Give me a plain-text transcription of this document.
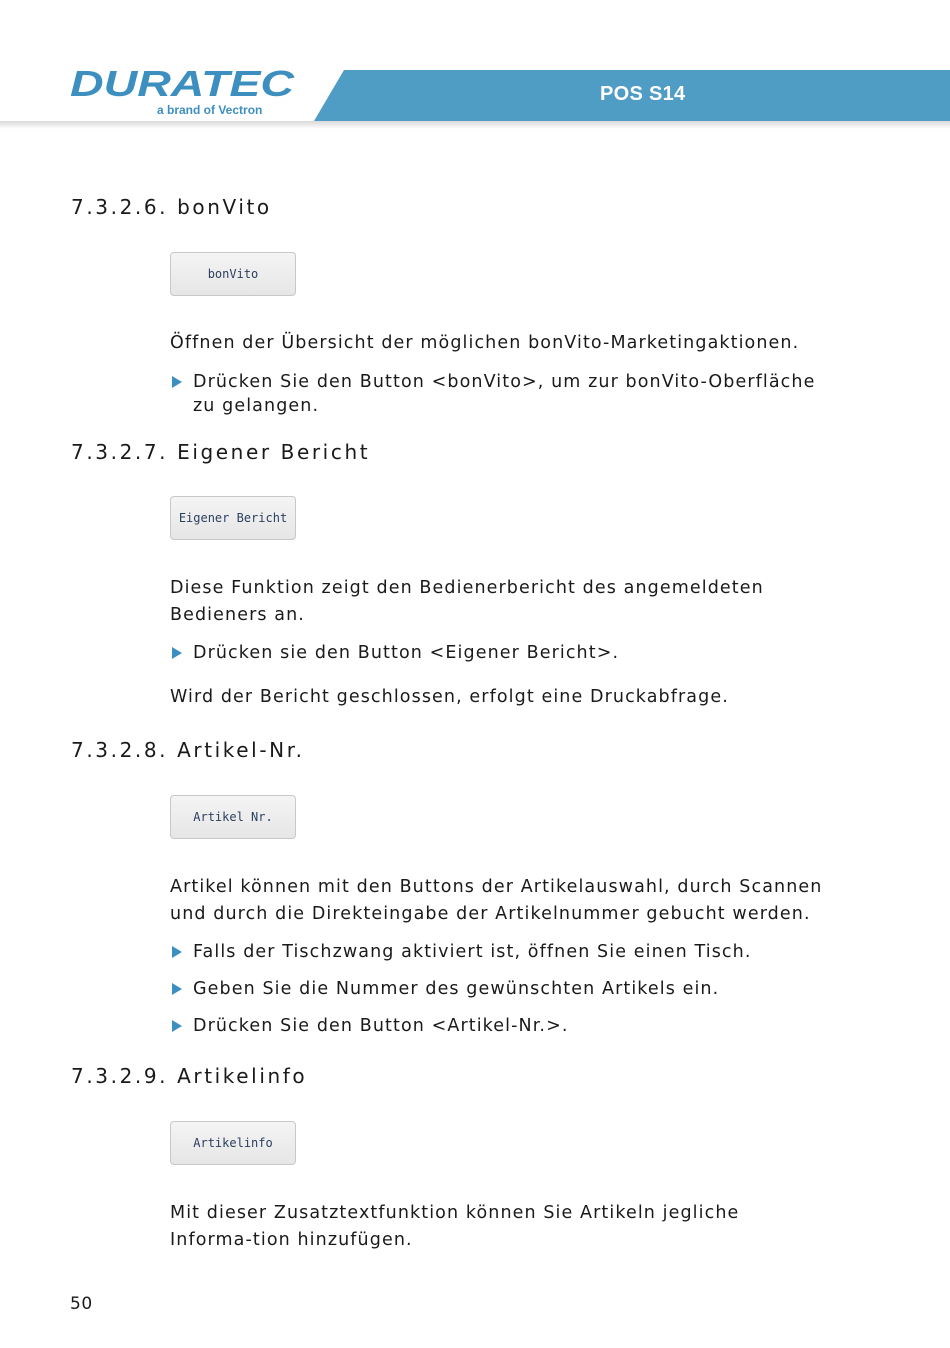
POS S14
DURATEC
a brand of Vectron
7.3.2.6. bonVito
bonVito

Öffnen der Übersicht der möglichen bonVito-Marketingaktionen.

Drücken Sie den Button <bonVito>, um zur bonVito-Oberfläche zu gelangen.
7.3.2.7. Eigener Bericht
Eigener Bericht

Diese Funktion zeigt den Bedienerbericht des angemeldeten Bedieners an.

Drücken sie den Button <Eigener Bericht>.

Wird der Bericht geschlossen, erfolgt eine Druckabfrage.

7.3.2.8. Artikel-Nr.
Artikel Nr.

Artikel können mit den Buttons der Artikelauswahl, durch Scannen und durch die Direkteingabe der Artikelnummer gebucht werden.

Falls der Tischzwang aktiviert ist, öffnen Sie einen Tisch.
Geben Sie die Nummer des gewünschten Artikels ein.
Drücken Sie den Button <Artikel-Nr.>.
7.3.2.9. Artikelinfo
Artikelinfo

Mit dieser Zusatztextfunktion können Sie Artikeln jegliche Informa-tion hinzufügen.

50
